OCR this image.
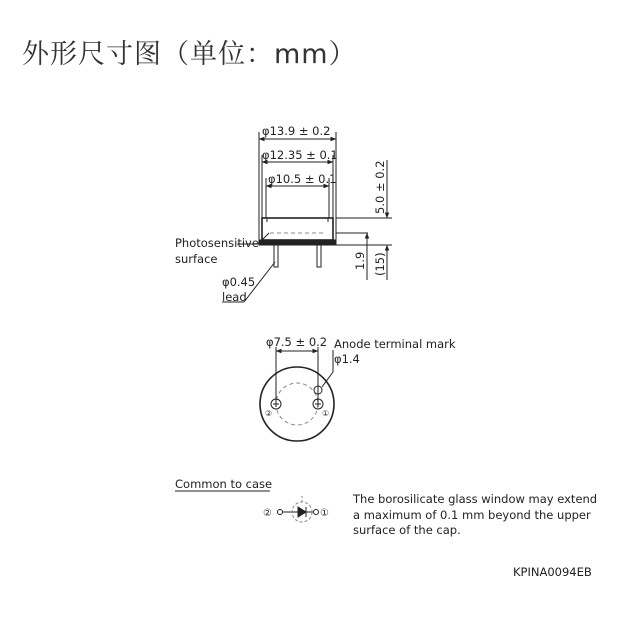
外形尺寸图（单位：mm）
φ13.9 ± 0.2
φ12.35 ± 0.1
φ10.5 ± 0.1	5.0 ± 0.2
1.9 (15)
Photosensitive
surface
φ0.45
lead
φ7.5 ± 0.2 Anode terminal mark
φ1.4
②	①
Common to case
②	①
The borosilicate glass window may extend a maximum of 0.1 mm beyond the upper surface of the cap.
KPINA0094EB
